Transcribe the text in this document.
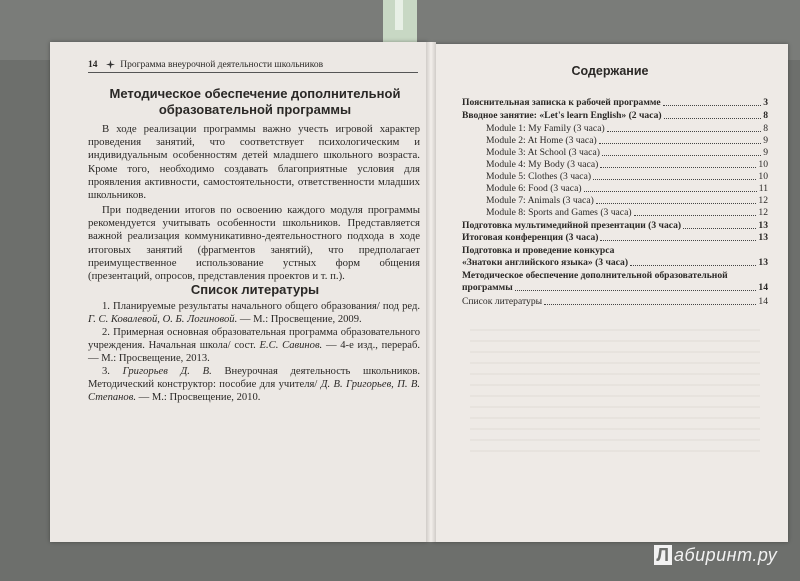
14 Программа внеурочной деятельности школьников
Методическое обеспечение дополнительной
образовательной программы
В ходе реализации программы важно учесть игровой характер проведения занятий, что соответствует психологическим и индивидуальным особенностям детей младшего школьного возраста. Кроме того, необходимо создавать благоприятные условия для проявления активности, самостоятельности, ответственности младших школьников.
При подведении итогов по освоению каждого модуля программы рекомендуется учитывать особенности школьников. Представляется важной реализация коммуникативно-деятельностного подхода в ходе итоговых занятий (фрагментов занятий), что предполагает преимущественное использование устных форм общения (презентаций, опросов, представления проектов и т. п.).
Список литературы
1. Планируемые результаты начального общего образования/ под ред. Г. С. Ковалевой, О. Б. Логиновой. — М.: Просвещение, 2009.
2. Примерная основная образовательная программа образовательного учреждения. Начальная школа/ сост. Е.С. Савинов. — 4-е изд., перераб. — М.: Просвещение, 2013.
3. Григорьев Д. В. Внеурочная деятельность школьников. Методический конструктор: пособие для учителя/ Д. В. Григорьев, П. В. Степанов. — М.: Просвещение, 2010.
Содержание
Пояснительная записка к рабочей программе	3
Вводное занятие: «Let's learn English» (2 часа)	8
Module 1: My Family (3 часа)	8
Module 2: At Home (3 часа)	9
Module 3: At School (3 часа)	9
Module 4: My Body (3 часа)	10
Module 5: Clothes (3 часа)	10
Module 6: Food (3 часа)	11
Module 7: Animals (3 часа)	12
Module 8: Sports and Games (3 часа)	12
Подготовка мультимедийной презентации (3 часа)	13
Итоговая конференция (3 часа)	13
Подготовка и проведение конкурса
«Знатоки английского языка» (3 часа)	13
Методическое обеспечение дополнительной образовательной
программы	14
Список литературы	14
Л абиринт.ру
